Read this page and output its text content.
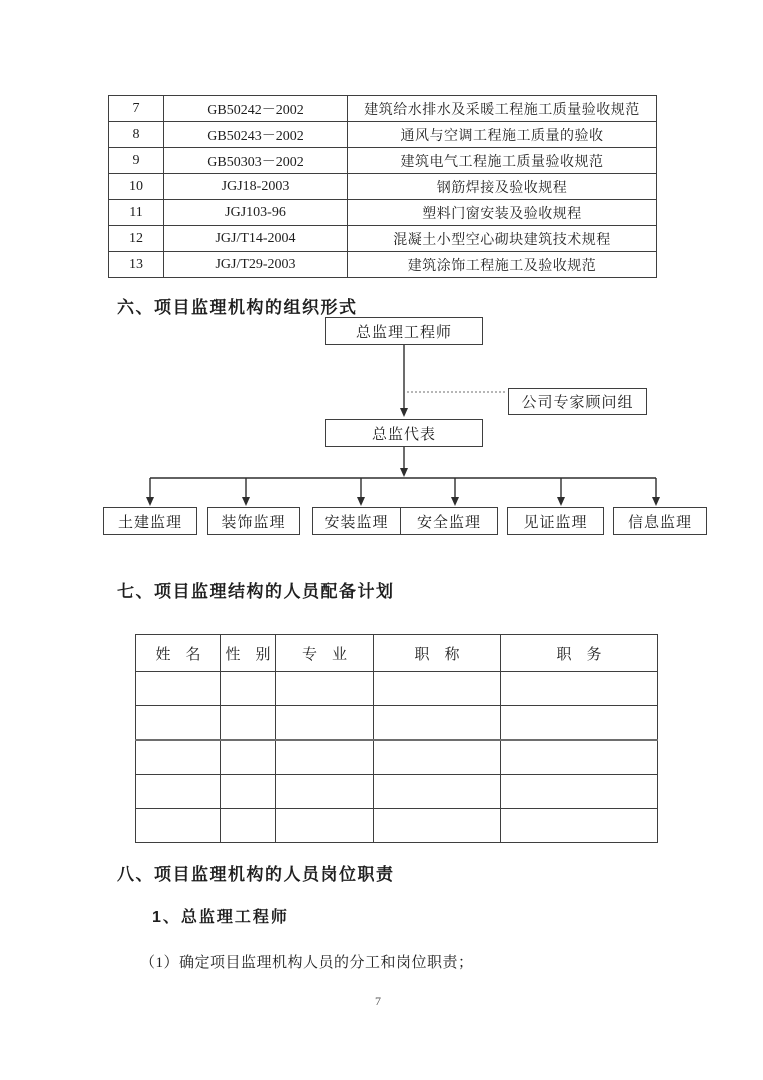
7	GB50242－2002	建筑给水排水及采暖工程施工质量验收规范
8	GB50243－2002	通风与空调工程施工质量的验收
9	GB50303－2002	建筑电气工程施工质量验收规范
10	JGJ18-2003	钢筋焊接及验收规程
11	JGJ103-96	塑料门窗安装及验收规程
12	JGJ/T14-2004	混凝土小型空心砌块建筑技术规程
13	JGJ/T29-2003	建筑涂饰工程施工及验收规范
六、项目监理机构的组织形式
总监理工程师
公司专家顾问组
总监代表
土建监理	装饰监理	安装监理	安全监理	见证监理	信息监理
七、项目监理结构的人员配备计划
姓　名	性　别	专　业	职　称	职　务

八、项目监理机构的人员岗位职责
1、总监理工程师
（1）确定项目监理机构人员的分工和岗位职责；
7
